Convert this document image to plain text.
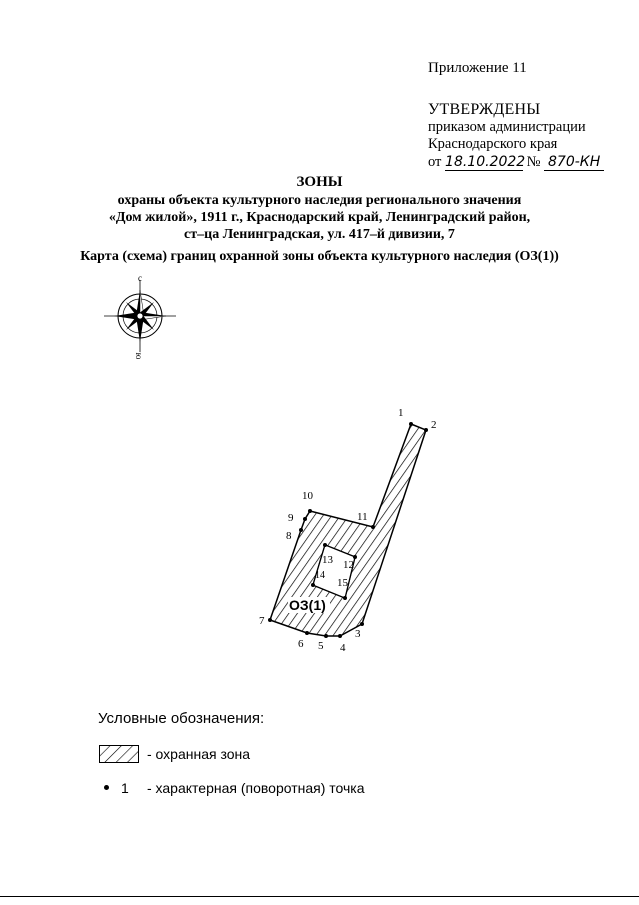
Приложение 11
УТВЕРЖДЕНЫ
приказом администрации
Краснодарского края
от 18.10.2022 № 870-КН
ЗОНЫ
охраны объекта культурного наследия регионального значения
«Дом жилой», 1911 г., Краснодарский край, Ленинградский район,
ст–ца Ленинградская, ул. 417–й дивизии, 7
Карта (схема) границ охранной зоны объекта культурного наследия (ОЗ(1))
с
ю
1
2
3
4
5
6
7
8
9
10
11
12
13
14
15
ОЗ(1)
Условные обозначения:
- охранная зона
1 - характерная (поворотная) точка
